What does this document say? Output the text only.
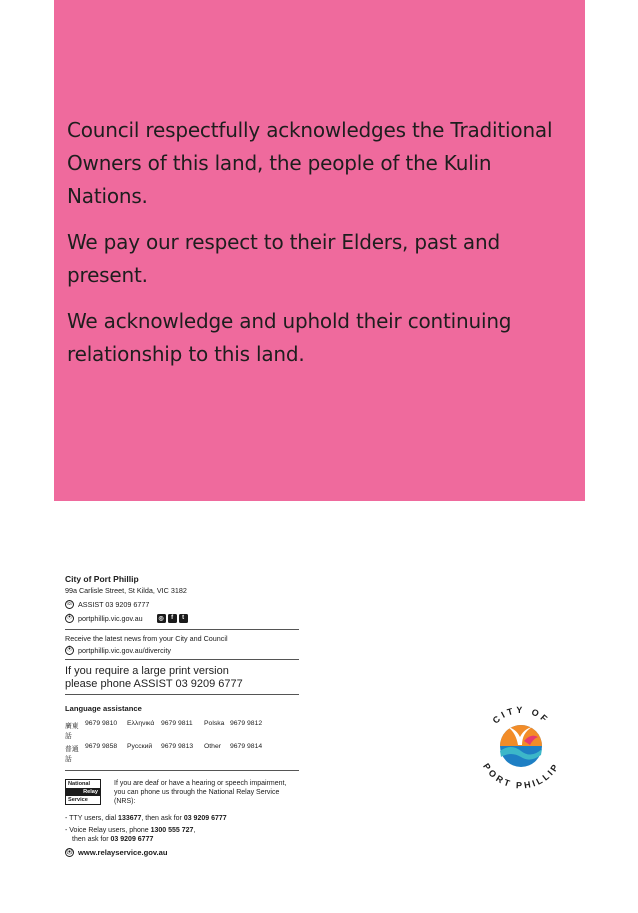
Council respectfully acknowledges the Traditional Owners of this land, the people of the Kulin Nations.

We pay our respect to their Elders, past and present.

We acknowledge and uphold their continuing relationship to this land.

City of Port Phillip
99a Carlisle Street, St Kilda, VIC 3182
☏ ASSIST 03 9209 6777
⦿ portphillip.vic.gov.au	◎	f	t
Receive the latest news from your City and Council
⦿ portphillip.vic.gov.au/divercity
If you require a large print version
please phone ASSIST 03 9209 6777
Language assistance
廣東話
9679 9810	Ελληνικά 9679 9811	Polska 9679 9812
普通話
9679 9858	Русский	9679 9813	Other	9679 9814
National
Relay
Service
If you are deaf or have a hearing or speech impairment, you can phone us through the National Relay Service (NRS):
- TTY users, dial 133677, then ask for 03 9209 6777
- Voice Relay users, phone 1300 555 727,
then ask for 03 9209 6777
⦿ www.relayservice.gov.au
CITY OF
PORT PHILLIP
